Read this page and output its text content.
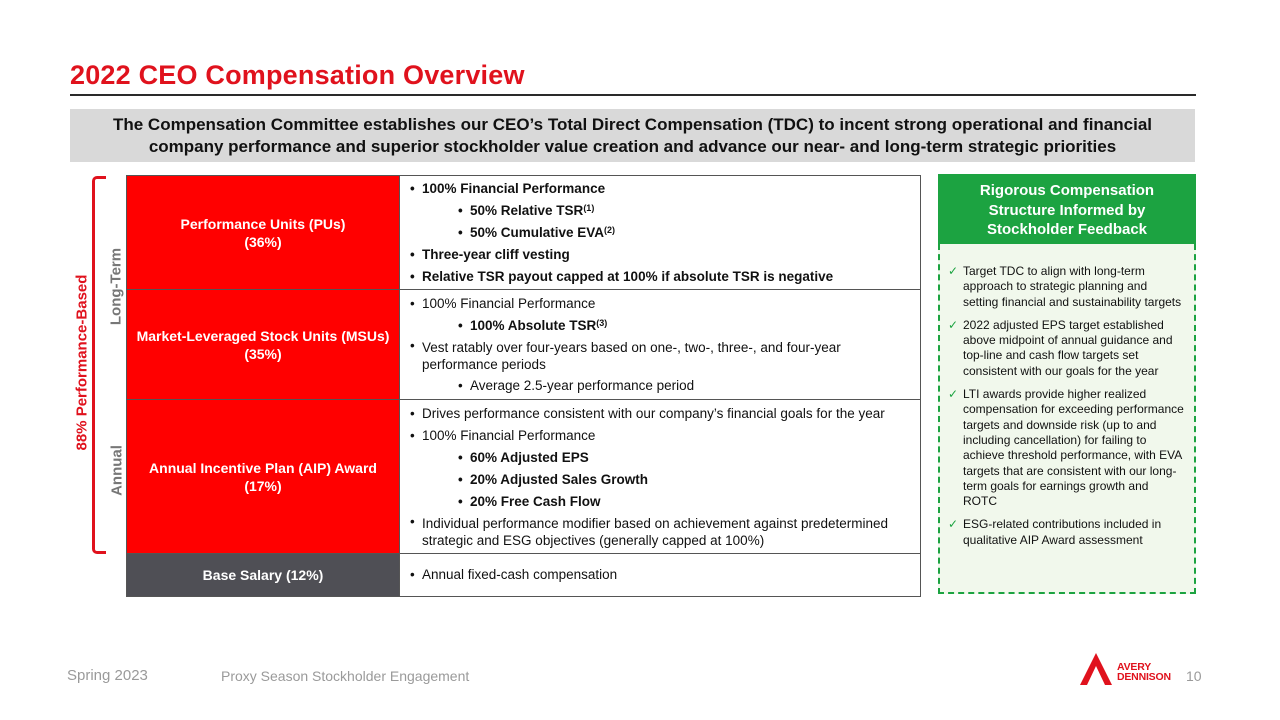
2022 CEO Compensation Overview
The Compensation Committee establishes our CEO’s Total Direct Compensation (TDC) to incent strong operational and financial
company performance and superior stockholder value creation and advance our near- and long-term strategic priorities
88% Performance-Based Long-Term
Annual
Performance Units (PUs)
(36%)
• 100% Financial Performance
• 50% Relative TSR$^{(1)}$
• 50% Cumulative EVA$^{(2)}$
• Three-year cliff vesting
• Relative TSR payout capped at 100% if absolute TSR is negative
Market-Leveraged Stock Units (MSUs)
(35%)
• 100% Financial Performance
• 100% Absolute TSR$^{(3)}$
• Vest ratably over four-years based on one-, two-, three-, and four-year performance periods
• Average 2.5-year performance period
Annual Incentive Plan (AIP) Award
(17%)
• Drives performance consistent with our company’s financial goals for the year
• 100% Financial Performance
• 60% Adjusted EPS
• 20% Adjusted Sales Growth
• 20% Free Cash Flow
• Individual performance modifier based on achievement against predetermined strategic and ESG objectives (generally capped at 100%)
Base Salary (12%)
•	Annual fixed-cash compensation
Rigorous Compensation
Structure Informed by
Stockholder Feedback
✓ Target TDC to align with long-term approach to strategic planning and setting financial and sustainability targets
✓ 2022 adjusted EPS target established above midpoint of annual guidance and top-line and cash flow targets set consistent with our goals for the year
✓ LTI awards provide higher realized compensation for exceeding performance targets and downside risk (up to and including cancellation) for failing to achieve threshold performance, with EVA targets that are consistent with our long-term goals for earnings growth and ROTC
✓ ESG-related contributions included in qualitative AIP Award assessment
Spring 2023	Proxy Season Stockholder Engagement
AVERY
DENNISON 10
